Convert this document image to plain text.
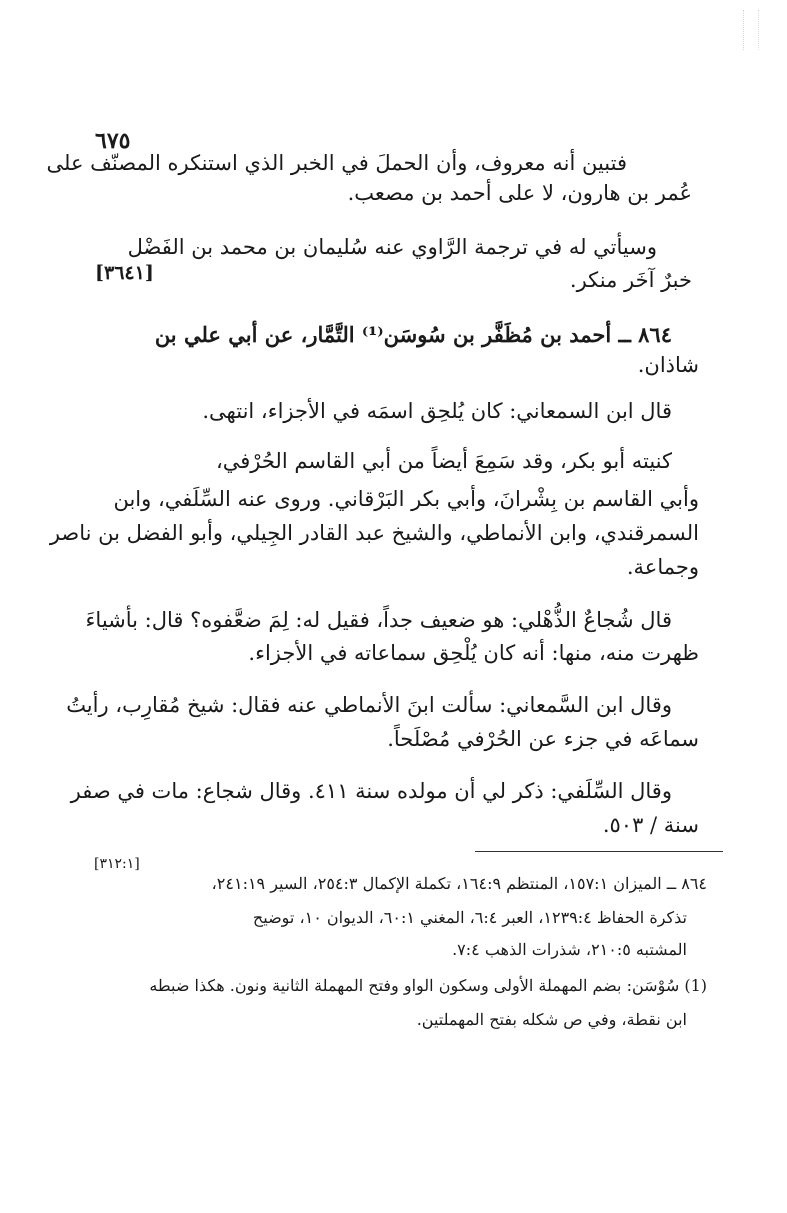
٦٧٥
فتبين أنه معروف، وأن الحملَ في الخبر الذي استنكره المصنّف على
عُمر بن هارون، لا على أحمد بن مصعب.
وسيأتي له في ترجمة الرَّاوي عنه سُليمان بن محمد بن الفَضْل
[٣٦٤١]	خبرٌ آخَر منكر.
٨٦٤ ــ أحمد بن مُظَفَّر بن سُوسَن⁽¹⁾ التَّمَّار، عن أبي علي بن
شاذان.
قال ابن السمعاني: كان يُلحِق اسمَه في الأجزاء، انتهى.
كنيته أبو بكر، وقد سَمِعَ أيضاً من أبي القاسم الحُرْفي،
وأبي القاسم بن بِشْرانَ، وأبي بكر البَرْقاني. وروى عنه السِّلَفي، وابن
السمرقندي، وابن الأنماطي، والشيخ عبد القادر الجِيلي، وأبو الفضل بن ناصر
وجماعة.
قال شُجاعٌ الذُّهْلي: هو ضعيف جداً، فقيل له: لِمَ ضعَّفوه؟ قال: بأشياءَ
ظهرت منه، منها: أنه كان يُلْحِق سماعاته في الأجزاء.
وقال ابن السَّمعاني: سألت ابنَ الأنماطي عنه فقال: شيخ مُقارِب، رأيتُ
سماعَه في جزء عن الحُرْفي مُصْلَحاً.
وقال السِّلَفي: ذكر لي أن مولده سنة ٤١١. وقال شجاع: مات في صفر
سنة / ٥٠٣.
[٣١٢:١]
٨٦٤ ــ الميزان ١٥٧:١، المنتظم ١٦٤:٩، تكملة الإكمال ٢٥٤:٣، السير ٢٤١:١٩،
تذكرة الحفاظ ١٢٣٩:٤، العبر ٦:٤، المغني ٦٠:١، الديوان ١٠، توضيح
المشتبه ٢١٠:٥، شذرات الذهب ٧:٤.
(1) سُوْسَن: بضم المهملة الأولى وسكون الواو وفتح المهملة الثانية ونون. هكذا ضبطه
ابن نقطة، وفي ص شكله بفتح المهملتين.
